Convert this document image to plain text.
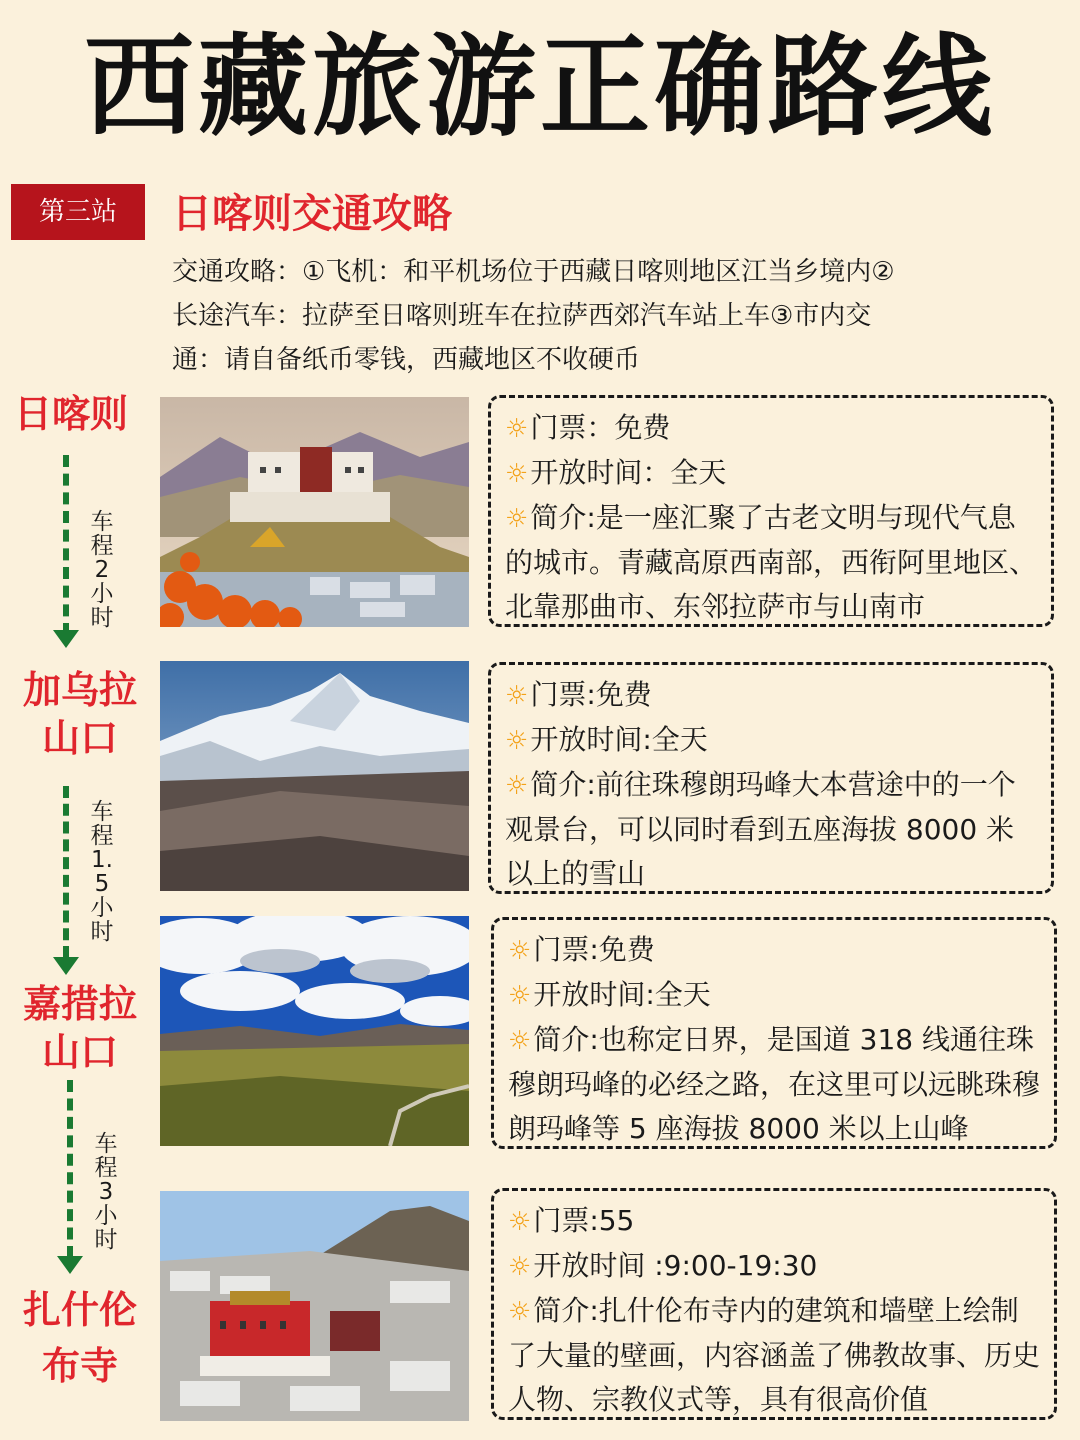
西藏旅游正确路线
第三站	日喀则交通攻略
交通攻略：①飞机：和平机场位于西藏日喀则地区江当乡境内②
长途汽车：拉萨至日喀则班车在拉萨西郊汽车站上车③市内交
通：请自备纸币零钱，西藏地区不收硬币
日喀则
加乌拉
山口
嘉措拉
山口
扎什伦
布寺
车程2小时
车程1.5小时
车程3小时
☼门票：免费
☼开放时间：全天
☼简介:是一座汇聚了古老文明与现代气息的城市。青藏高原西南部，西衔阿里地区、北靠那曲市、东邻拉萨市与山南市
☼门票:免费
☼开放时间:全天
☼简介:前往珠穆朗玛峰大本营途中的一个观景台，可以同时看到五座海拔 8000 米以上的雪山
☼门票:免费
☼开放时间:全天
☼简介:也称定日界，是国道 318 线通往珠穆朗玛峰的必经之路，在这里可以远眺珠穆朗玛峰等 5 座海拔 8000 米以上山峰
☼门票:55
☼开放时间 :9:00-19:30
☼简介:扎什伦布寺内的建筑和墙壁上绘制了大量的壁画，内容涵盖了佛教故事、历史人物、宗教仪式等，具有很高价值
